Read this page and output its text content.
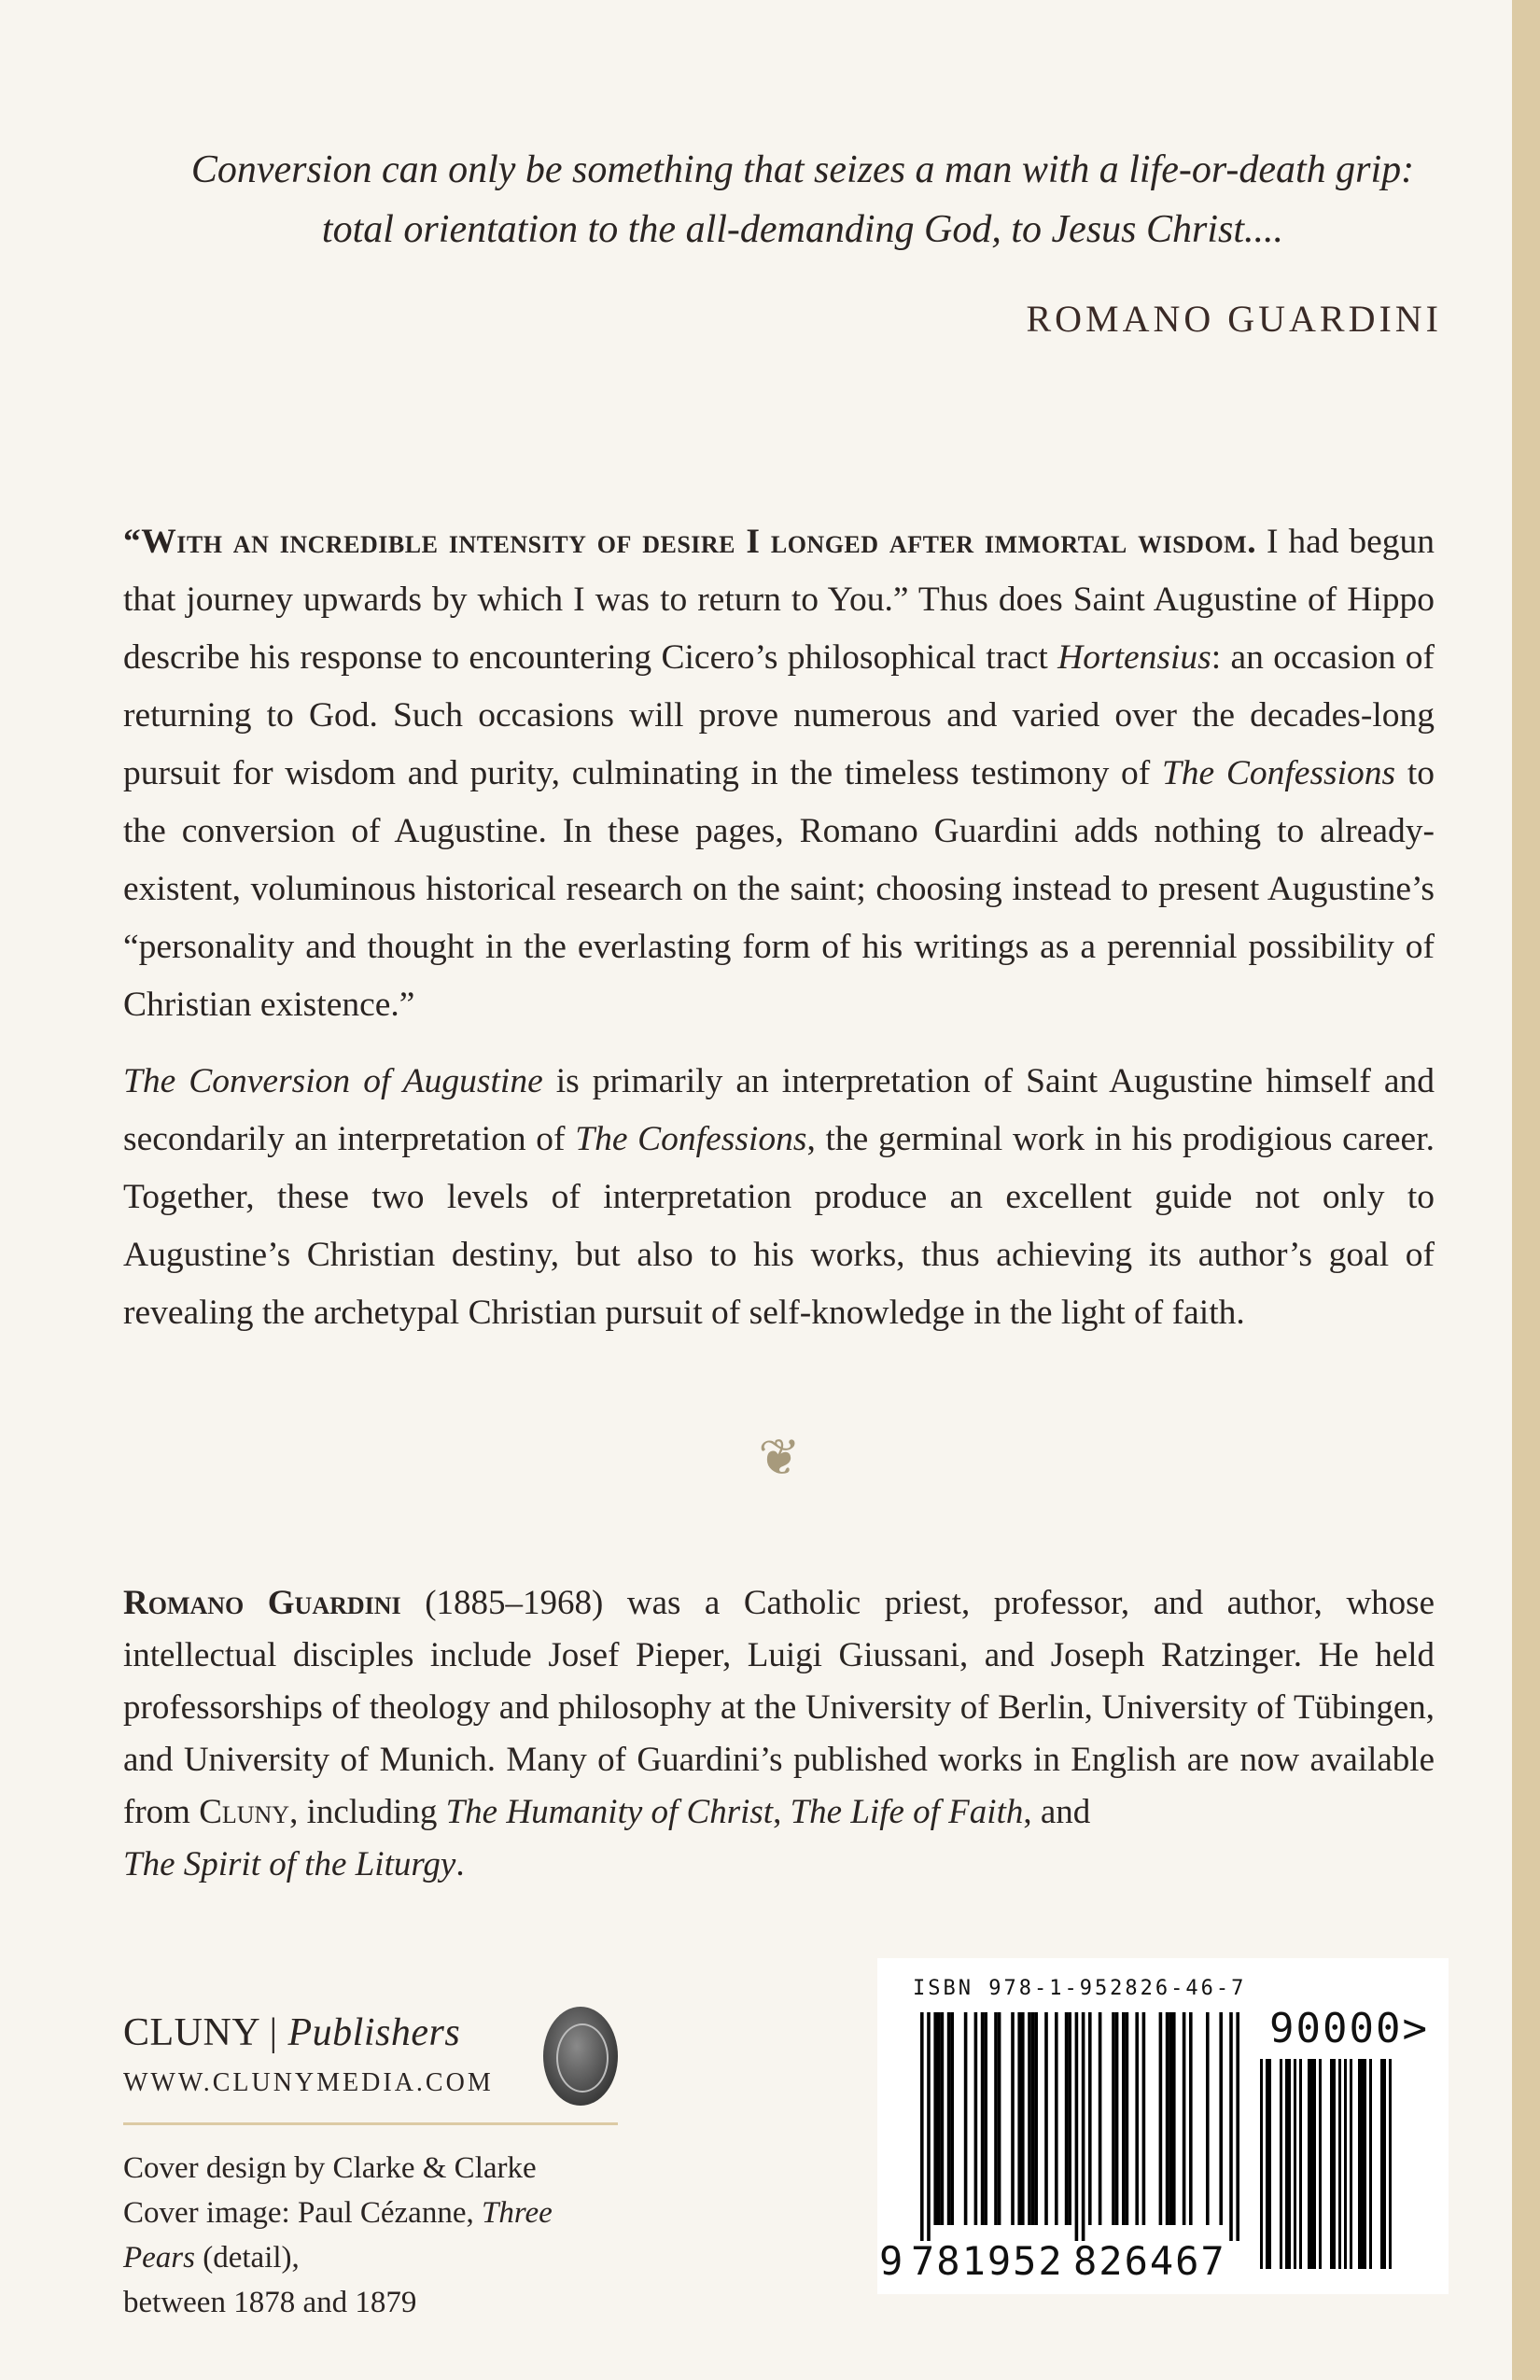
Conversion can only be something that seizes a man with a life-or-death grip: total orientation to the all-demanding God, to Jesus Christ....
ROMANO GUARDINI

“With an incredible intensity of desire I longed after immortal wisdom. I had begun that journey upwards by which I was to return to You.” Thus does Saint Augustine of Hippo describe his response to encountering Cicero’s philosophical tract Hortensius: an occasion of returning to God. Such occasions will prove numerous and varied over the decades-long pursuit for wisdom and purity, culminating in the timeless testimony of The Confessions to the conversion of Augustine. In these pages, Romano Guardini adds nothing to already-existent, voluminous historical research on the saint; choosing instead to present Augustine’s “personality and thought in the everlasting form of his writings as a perennial possibility of Christian existence.”

The Conversion of Augustine is primarily an interpretation of Saint Augustine himself and secondarily an interpretation of The Confessions, the germinal work in his prodigious career. Together, these two levels of interpretation produce an excellent guide not only to Augustine’s Christian destiny, but also to his works, thus achieving its author’s goal of revealing the archetypal Christian pursuit of self-knowledge in the light of faith.

❦
Romano Guardini (1885–1968) was a Catholic priest, professor, and author, whose intellectual disciples include Josef Pieper, Luigi Giussani, and Joseph Ratzinger. He held professorships of theology and philosophy at the University of Berlin, University of Tübingen, and University of Munich. Many of Guardini’s published works in English are now available from Cluny, including The Humanity of Christ, The Life of Faith, and
The Spirit of the Liturgy.
CLUNY | Publishers
WWW.CLUNYMEDIA.COM
Cover design by Clarke & Clarke
Cover image: Paul Cézanne, Three Pears (detail),
between 1878 and 1879
ISBN 978-1-952826-46-7
90000>
9 781952 826467
